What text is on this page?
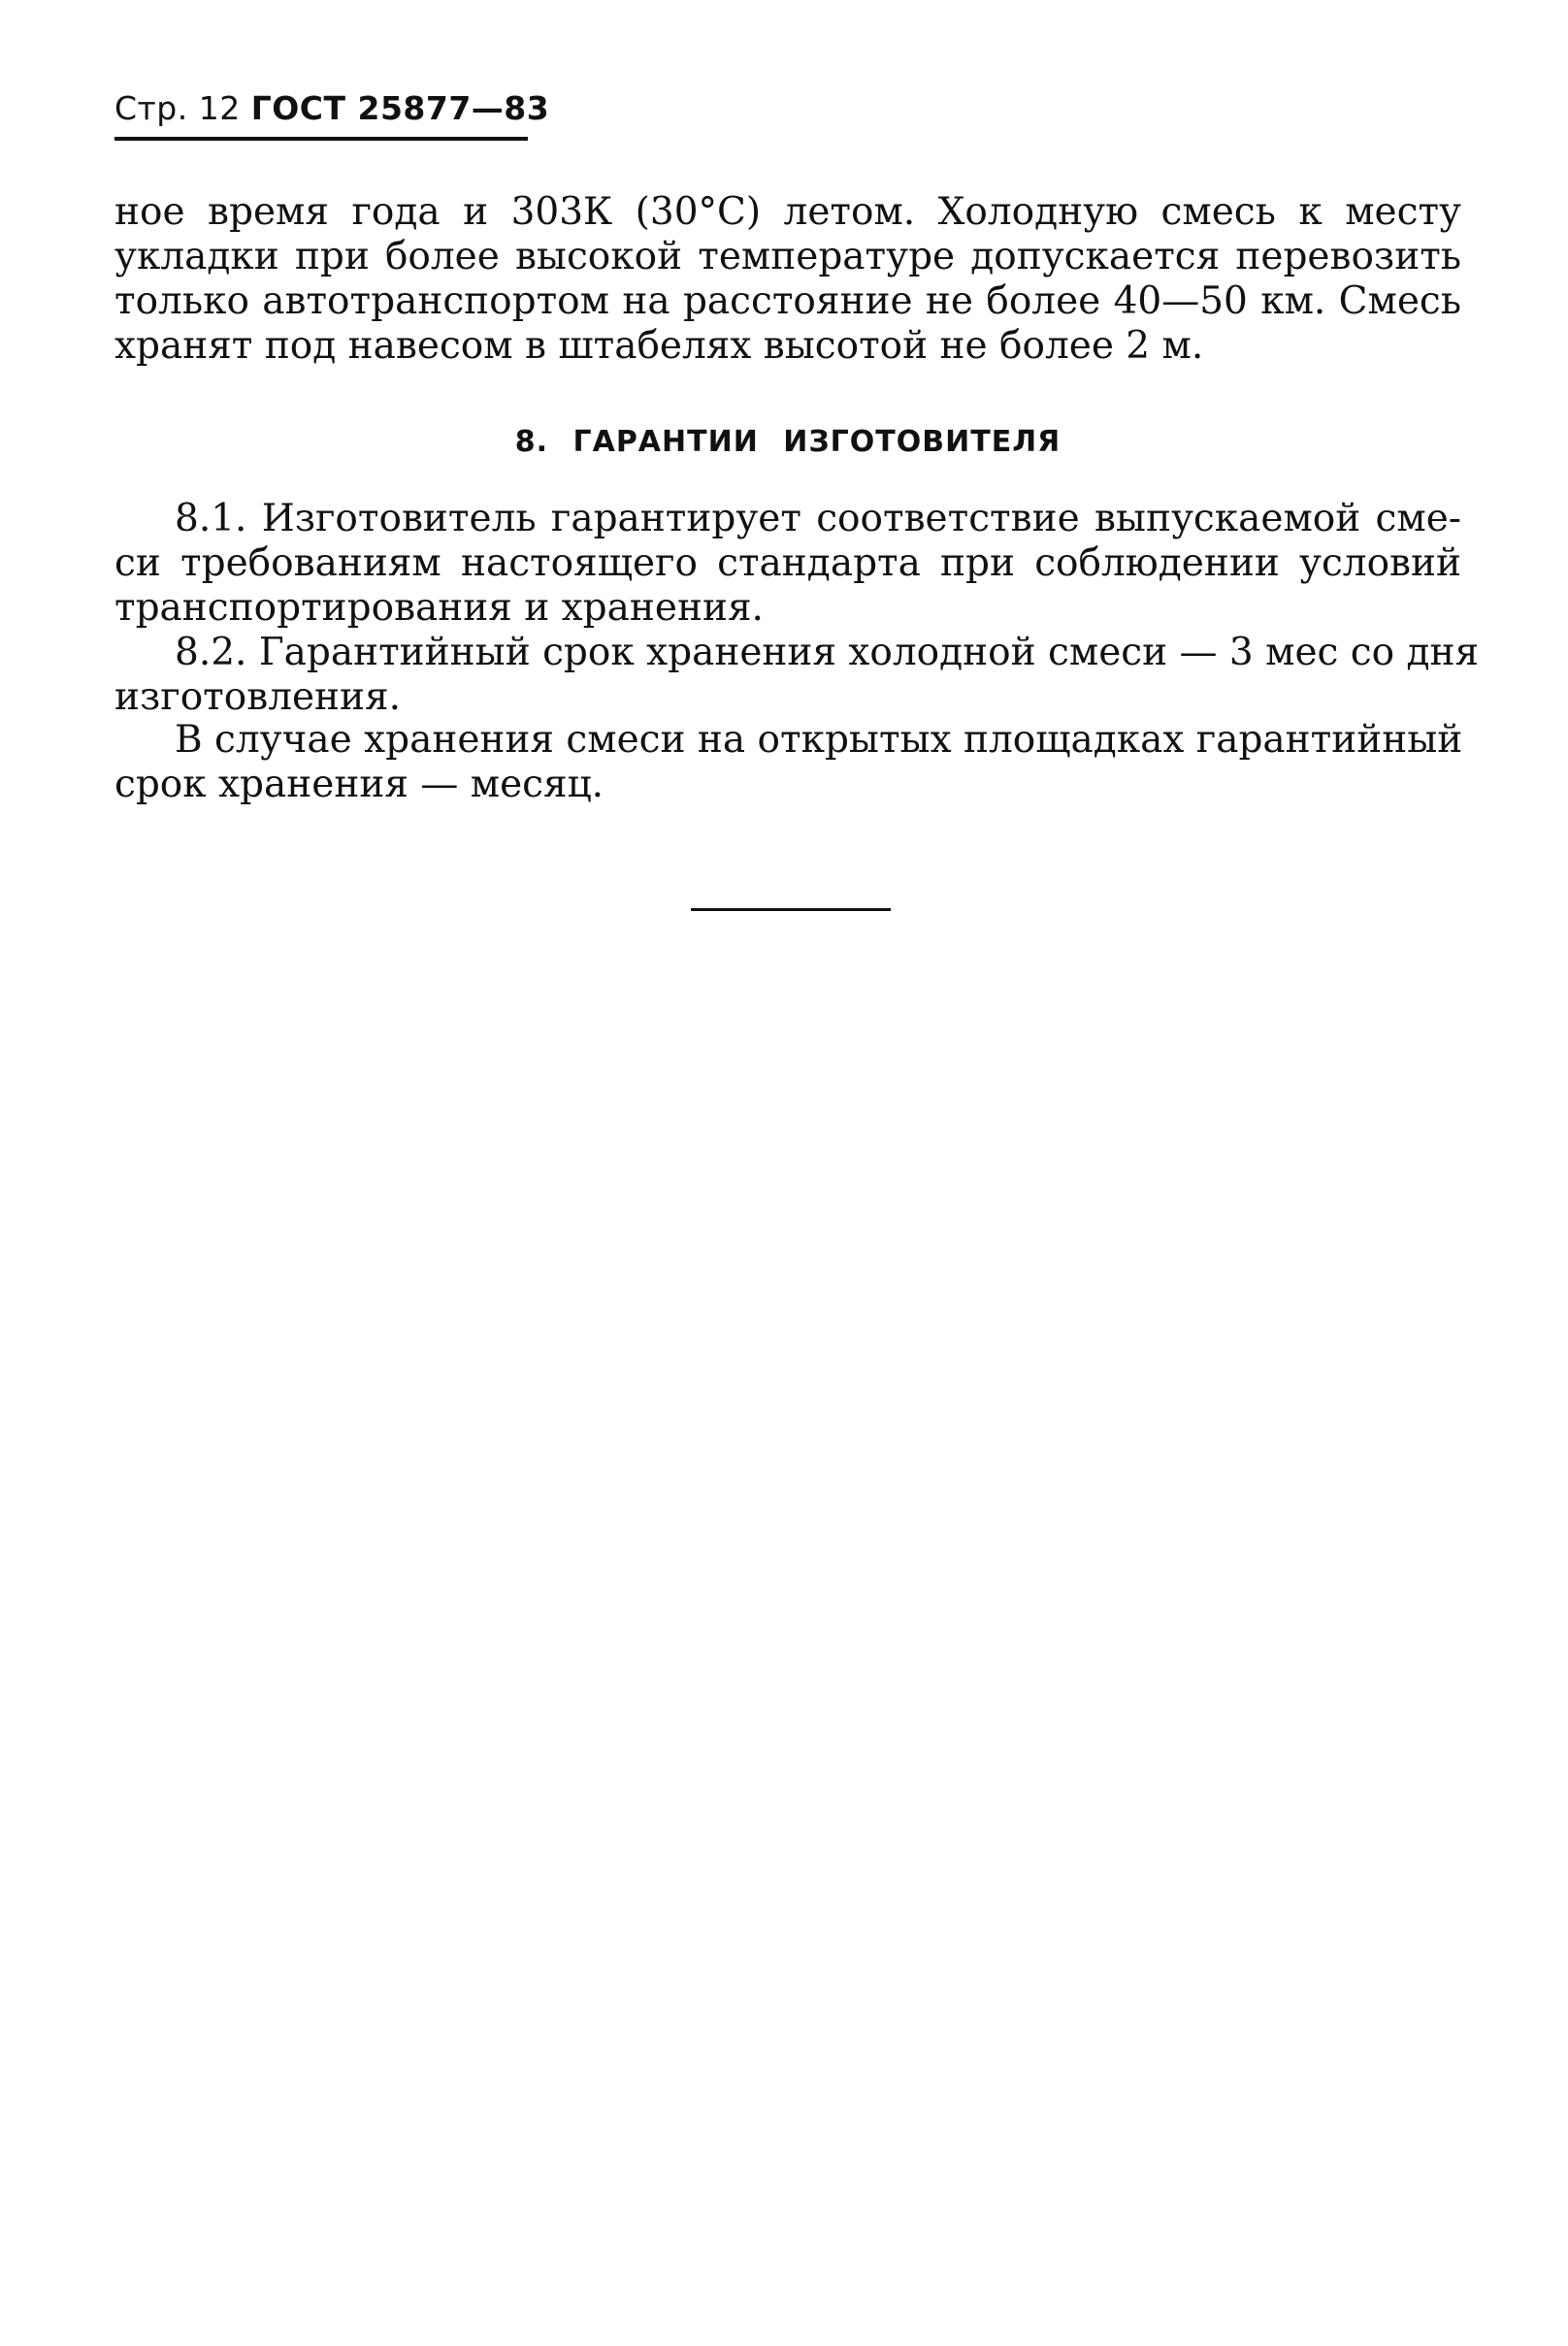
Стр. 12 ГОСТ 25877—83
ное время года и 303К (30°С) летом. Холодную смесь к месту
укладки при более высокой температуре допускается перевозить
только автотранспортом на расстояние не более 40—50 км. Смесь
хранят под навесом в штабелях высотой не более 2 м.
8. ГАРАНТИИ ИЗГОТОВИТЕЛЯ
8.1. Изготовитель гарантирует соответствие выпускаемой сме-
си требованиям настоящего стандарта при соблюдении условий
транспортирования и хранения.
8.2. Гарантийный срок хранения холодной смеси — 3 мес со дня
изготовления.
В случае хранения смеси на открытых площадках гарантийный
срок хранения — месяц.
